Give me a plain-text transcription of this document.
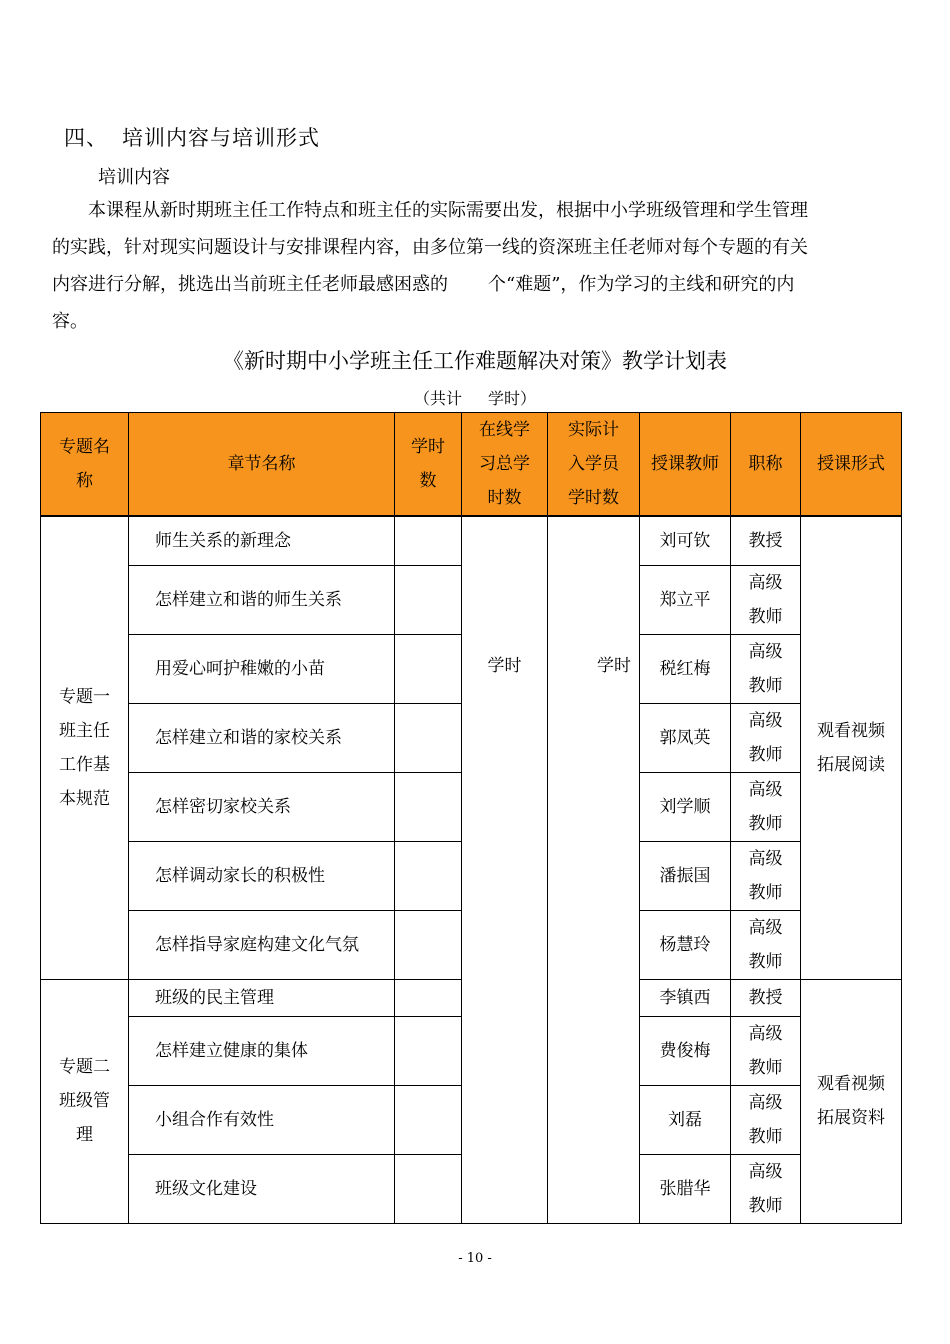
四、 培训内容与培训形式
培训内容
本课程从新时期班主任工作特点和班主任的实际需要出发，根据中小学班级管理和学生管理
的实践，针对现实问题设计与安排课程内容，由多位第一线的资深班主任老师对每个专题的有关
内容进行分解，挑选出当前班主任老师最感困惑的 个“难题”，作为学习的主线和研究的内
容。
《新时期中小学班主任工作难题解决对策》教学计划表
（共计 学时）
专题名称	章节名称	学时数	在线学习总学时数	实际计入学员学时数	授课教师	职称	授课形式
专题一班主任工作基本规范	师生关系的新理念		学时	学时	刘可钦	教授	观看视频拓展阅读
	怎样建立和谐的师生关系				郑立平	高级教师	
	用爱心呵护稚嫩的小苗				税红梅	高级教师	
	怎样建立和谐的家校关系				郭凤英	高级教师	
	怎样密切家校关系				刘学顺	高级教师	
	怎样调动家长的积极性				潘振国	高级教师	
	怎样指导家庭构建文化气氛				杨慧玲	高级教师	
专题二班级管理	班级的民主管理				李镇西	教授	观看视频拓展资料
	怎样建立健康的集体				费俊梅	高级教师	
	小组合作有效性				刘磊	高级教师	
	班级文化建设				张腊华	高级教师	
- 10 -
